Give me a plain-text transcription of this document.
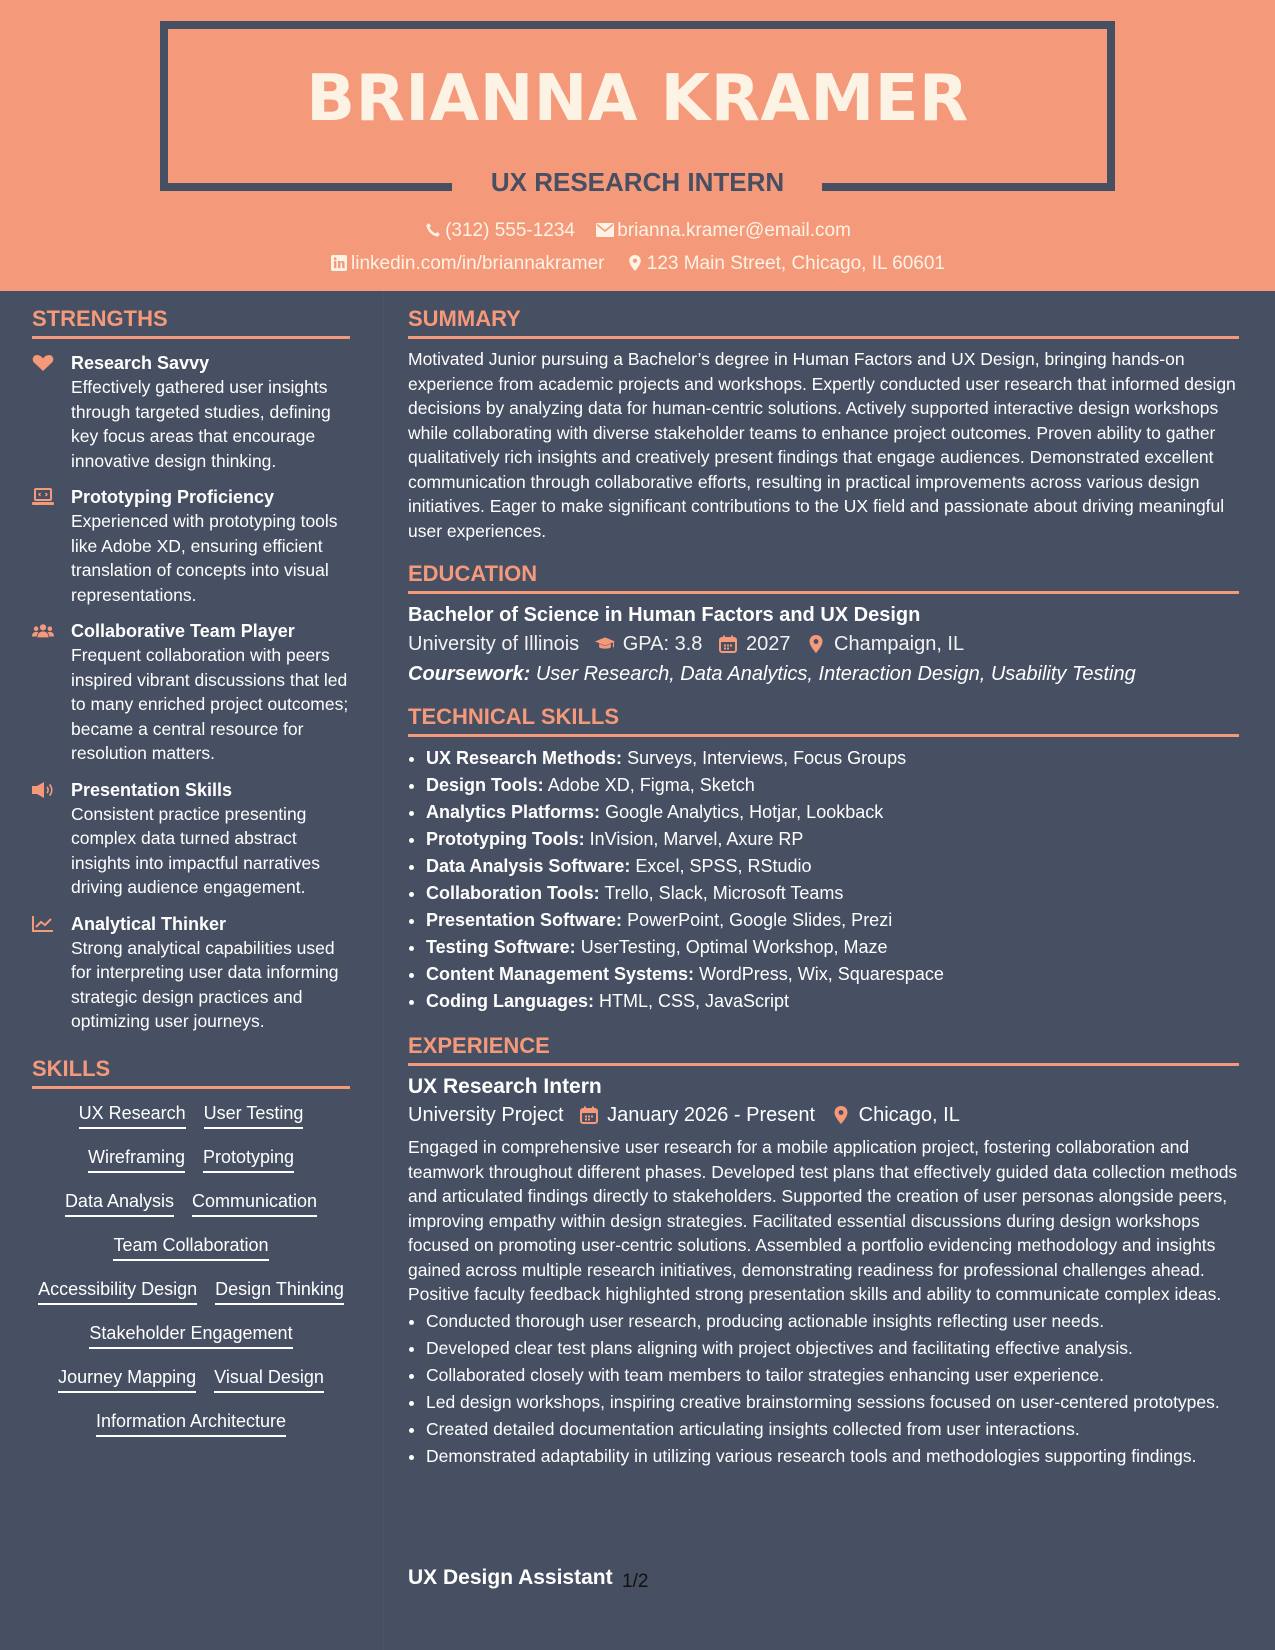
BRIANNA KRAMER
UX RESEARCH INTERN
(312) 555-1234 brianna.kramer@email.com
linkedin.com/in/briannakramer 123 Main Street, Chicago, IL 60601
STRENGTHS
Research Savvy
Effectively gathered user insights through targeted studies, defining key focus areas that encourage innovative design thinking.
Prototyping Proficiency
Experienced with prototyping tools like Adobe XD, ensuring efficient translation of concepts into visual representations.
Collaborative Team Player
Frequent collaboration with peers inspired vibrant discussions that led to many enriched project outcomes; became a central resource for resolution matters.
Presentation Skills
Consistent practice presenting complex data turned abstract insights into impactful narratives driving audience engagement.
Analytical Thinker
Strong analytical capabilities used for interpreting user data informing strategic design practices and optimizing user journeys.
SKILLS
UX Research User Testing
Wireframing Prototyping
Data Analysis Communication
Team Collaboration
Accessibility Design Design Thinking
Stakeholder Engagement
Journey Mapping Visual Design
Information Architecture
SUMMARY
Motivated Junior pursuing a Bachelor’s degree in Human Factors and UX Design, bringing hands-on experience from academic projects and workshops. Expertly conducted user research that informed design decisions by analyzing data for human-centric solutions. Actively supported interactive design workshops while collaborating with diverse stakeholder teams to enhance project outcomes. Proven ability to gather qualitatively rich insights and creatively present findings that engage audiences. Demonstrated excellent communication through collaborative efforts, resulting in practical improvements across various design initiatives. Eager to make significant contributions to the UX field and passionate about driving meaningful user experiences.
EDUCATION
Bachelor of Science in Human Factors and UX Design
University of Illinois GPA: 3.8 2027 Champaign, IL
Coursework: User Research, Data Analytics, Interaction Design, Usability Testing
TECHNICAL SKILLS
• UX Research Methods: Surveys, Interviews, Focus Groups
• Design Tools: Adobe XD, Figma, Sketch
• Analytics Platforms: Google Analytics, Hotjar, Lookback
• Prototyping Tools: InVision, Marvel, Axure RP
• Data Analysis Software: Excel, SPSS, RStudio
• Collaboration Tools: Trello, Slack, Microsoft Teams
• Presentation Software: PowerPoint, Google Slides, Prezi
• Testing Software: UserTesting, Optimal Workshop, Maze
• Content Management Systems: WordPress, Wix, Squarespace
• Coding Languages: HTML, CSS, JavaScript
EXPERIENCE
UX Research Intern
University Project January 2026 - Present Chicago, IL
Engaged in comprehensive user research for a mobile application project, fostering collaboration and teamwork throughout different phases. Developed test plans that effectively guided data collection methods and articulated findings directly to stakeholders. Supported the creation of user personas alongside peers, improving empathy within design strategies. Facilitated essential discussions during design workshops focused on promoting user-centric solutions. Assembled a portfolio evidencing methodology and insights gained across multiple research initiatives, demonstrating readiness for professional challenges ahead. Positive faculty feedback highlighted strong presentation skills and ability to communicate complex ideas.
• Conducted thorough user research, producing actionable insights reflecting user needs.
• Developed clear test plans aligning with project objectives and facilitating effective analysis.
• Collaborated closely with team members to tailor strategies enhancing user experience.
• Led design workshops, inspiring creative brainstorming sessions focused on user-centered prototypes.
• Created detailed documentation articulating insights collected from user interactions.
• Demonstrated adaptability in utilizing various research tools and methodologies supporting findings.
UX Design Assistant 1/2
